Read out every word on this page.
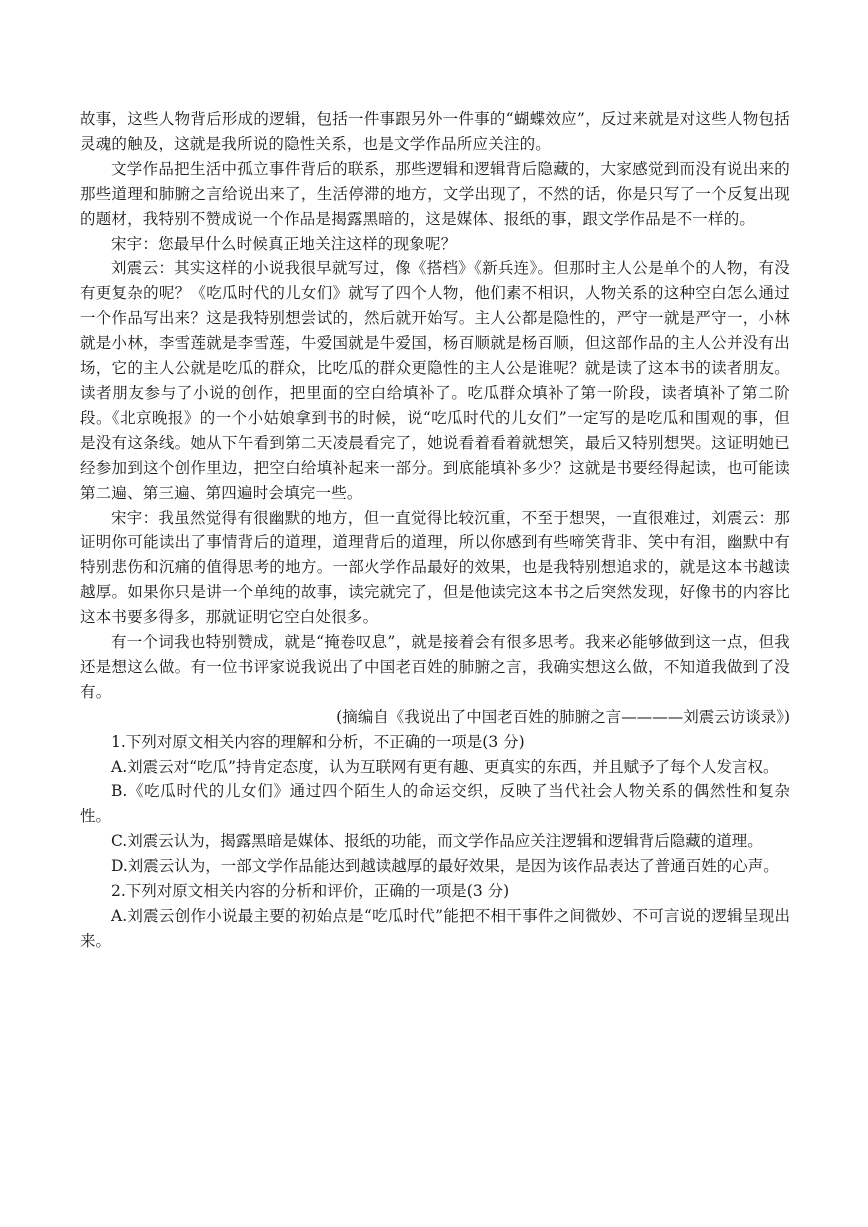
故事，这些人物背后形成的逻辑，包括一件事跟另外一件事的“蝴蝶效应”，反过来就是对这些人物包括灵魂的触及，这就是我所说的隐性关系，也是文学作品所应关注的。

文学作品把生活中孤立事件背后的联系，那些逻辑和逻辑背后隐藏的，大家感觉到而没有说出来的那些道理和肺腑之言给说出来了，生活停滞的地方，文学出现了，不然的话，你是只写了一个反复出现的题材，我特别不赞成说一个作品是揭露黑暗的，这是媒体、报纸的事，跟文学作品是不一样的。

宋宇：您最早什么时候真正地关注这样的现象呢？

刘震云：其实这样的小说我很早就写过，像《搭档》《新兵连》。但那时主人公是单个的人物，有没有更复杂的呢？《吃瓜时代的儿女们》就写了四个人物，他们素不相识，人物关系的这种空白怎么通过一个作品写出来？这是我特别想尝试的，然后就开始写。主人公都是隐性的，严守一就是严守一，小林就是小林，李雪莲就是李雪莲，牛爱国就是牛爱国，杨百顺就是杨百顺，但这部作品的主人公并没有出场，它的主人公就是吃瓜的群众，比吃瓜的群众更隐性的主人公是谁呢？就是读了这本书的读者朋友。读者朋友参与了小说的创作，把里面的空白给填补了。吃瓜群众填补了第一阶段，读者填补了第二阶段。《北京晚报》的一个小姑娘拿到书的时候，说“吃瓜时代的儿女们”一定写的是吃瓜和围观的事，但是没有这条线。她从下午看到第二天凌晨看完了，她说看着看着就想笑，最后又特别想哭。这证明她已经参加到这个创作里边，把空白给填补起来一部分。到底能填补多少？这就是书要经得起读，也可能读第二遍、第三遍、第四遍时会填完一些。

宋宇：我虽然觉得有很幽默的地方，但一直觉得比较沉重，不至于想哭，一直很难过，刘震云：那证明你可能读出了事情背后的道理，道理背后的道理，所以你感到有些啼笑背非、笑中有泪，幽默中有特别悲伤和沉痛的值得思考的地方。一部火学作品最好的效果，也是我特别想追求的，就是这本书越读越厚。如果你只是讲一个单纯的故事，读完就完了，但是他读完这本书之后突然发现，好像书的内容比这本书要多得多，那就证明它空白处很多。

有一个词我也特别赞成，就是“掩卷叹息”，就是接着会有很多思考。我来必能够做到这一点，但我还是想这么做。有一位书评家说我说出了中国老百姓的肺腑之言，我确实想这么做，不知道我做到了没有。

(摘编自《我说出了中国老百姓的肺腑之言————刘震云访谈录》)

1.下列对原文相关内容的理解和分析，不正确的一项是(3 分)

A.刘震云对“吃瓜”持肯定态度，认为互联网有更有趣、更真实的东西，并且赋予了每个人发言权。

B.《吃瓜时代的儿女们》通过四个陌生人的命运交织，反映了当代社会人物关系的偶然性和复杂性。

C.刘震云认为，揭露黑暗是媒体、报纸的功能，而文学作品应关注逻辑和逻辑背后隐藏的道理。

D.刘震云认为，一部文学作品能达到越读越厚的最好效果，是因为该作品表达了普通百姓的心声。

2.下列对原文相关内容的分析和评价，正确的一项是(3 分)

A.刘震云创作小说最主要的初始点是“吃瓜时代”能把不相干事件之间微妙、不可言说的逻辑呈现出来。
